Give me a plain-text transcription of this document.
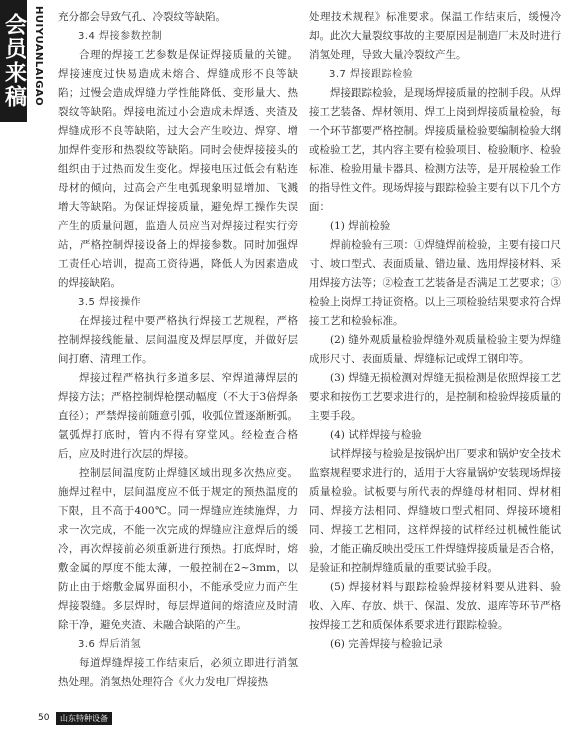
会员来稿 HUIYUANLAIGAO 充分都会导致气孔、冷裂纹等缺陷。

3.4 焊接参数控制

合理的焊接工艺参数是保证焊接质量的关键。焊接速度过快易造成未熔合、焊缝成形不良等缺陷；过慢会造成焊缝力学性能降低、变形量大、热裂纹等缺陷。焊接电流过小会造成未焊透、夹渣及焊缝成形不良等缺陷，过大会产生咬边、焊穿、增加焊件变形和热裂纹等缺陷。同时会使焊接接头的组织由于过热而发生变化。焊接电压过低会有粘连母材的倾向，过高会产生电弧现象明显增加、飞溅增大等缺陷。为保证焊接质量，避免焊工操作失误产生的质量问题，监造人员应当对焊接过程实行旁站，严格控制焊接设备上的焊接参数。同时加强焊工责任心培训，提高工资待遇，降低人为因素造成的焊接缺陷。

3.5 焊接操作

在焊接过程中要严格执行焊接工艺规程，严格控制焊接线能量、层间温度及焊层厚度，并做好层间打磨、清理工作。

焊接过程严格执行多道多层、窄焊道薄焊层的焊接方法；严格控制焊枪摆动幅度（不大于3倍焊条直径）；严禁焊接前随意引弧，收弧位置逐渐断弧。氩弧焊打底时，管内不得有穿堂风。经检查合格后，应及时进行次层的焊接。

控制层间温度防止焊缝区域出现多次热应变。施焊过程中，层间温度应不低于规定的预热温度的下限，且不高于400℃。同一焊缝应连续施焊，力求一次完成，不能一次完成的焊缝应注意焊后的缓冷，再次焊接前必须重新进行预热。打底焊时，熔敷金属的厚度不能太薄，一般控制在2~3mm，以防止由于熔敷金属界面积小，不能承受应力而产生焊接裂缝。多层焊时，每层焊道间的熔渣应及时清除干净，避免夹渣、未融合缺陷的产生。

3.6 焊后消氢

每道焊缝焊接工作结束后，必须立即进行消氢热处理。消氢热处理符合《火力发电厂焊接热

处理技术规程》标准要求。保温工作结束后，缓慢冷却。此次大量裂纹事故的主要原因是制造厂未及时进行消氢处理，导致大量冷裂纹产生。

3.7 焊接跟踪检验

焊接跟踪检验，是现场焊接质量的控制手段。从焊接工艺装备、焊材领用、焊工上岗到焊接质量检验，每一个环节都要严格控制。焊接质量检验要编制检验大纲或检验工艺，其内容主要有检验项目、检验顺序、检验标准、检验用量卡器具、检测方法等，是开展检验工作的指导性文件。现场焊接与跟踪检验主要有以下几个方面：

(1) 焊前检验

焊前检验有三项：①焊缝焊前检验，主要有接口尺寸、坡口型式、表面质量、错边量、选用焊接材料、采用焊接方法等；②检查工艺装备是否满足工艺要求；③检验上岗焊工持证资格。以上三项检验结果要求符合焊接工艺和检验标准。

(2) 缝外观质量检验焊缝外观质量检验主要为焊缝成形尺寸、表面质量、焊缝标记或焊工钢印等。

(3) 焊缝无损检测对焊缝无损检测是依照焊接工艺要求和按伤工艺要求进行的，是控制和检验焊接质量的主要手段。

(4) 试样焊接与检验

试样焊接与检验是按锅炉出厂要求和锅炉安全技术监察规程要求进行的，适用于大容量锅炉安装现场焊接质量检验。试板要与所代表的焊缝母材相同、焊材相同、焊接方法相同、焊缝坡口型式相同、焊接环境相同、焊接工艺相同，这样焊接的试样经过机械性能试验，才能正确反映出受压工件焊缝焊接质量是否合格，是验证和控制焊缝质量的重要试验手段。

(5) 焊接材料与跟踪检验焊接材料要从进料、验收、入库、存放、烘干、保温、发放、退库等环节严格按焊接工艺和质保体系要求进行跟踪检验。

(6) 完善焊接与检验记录

50	山东特种设备
